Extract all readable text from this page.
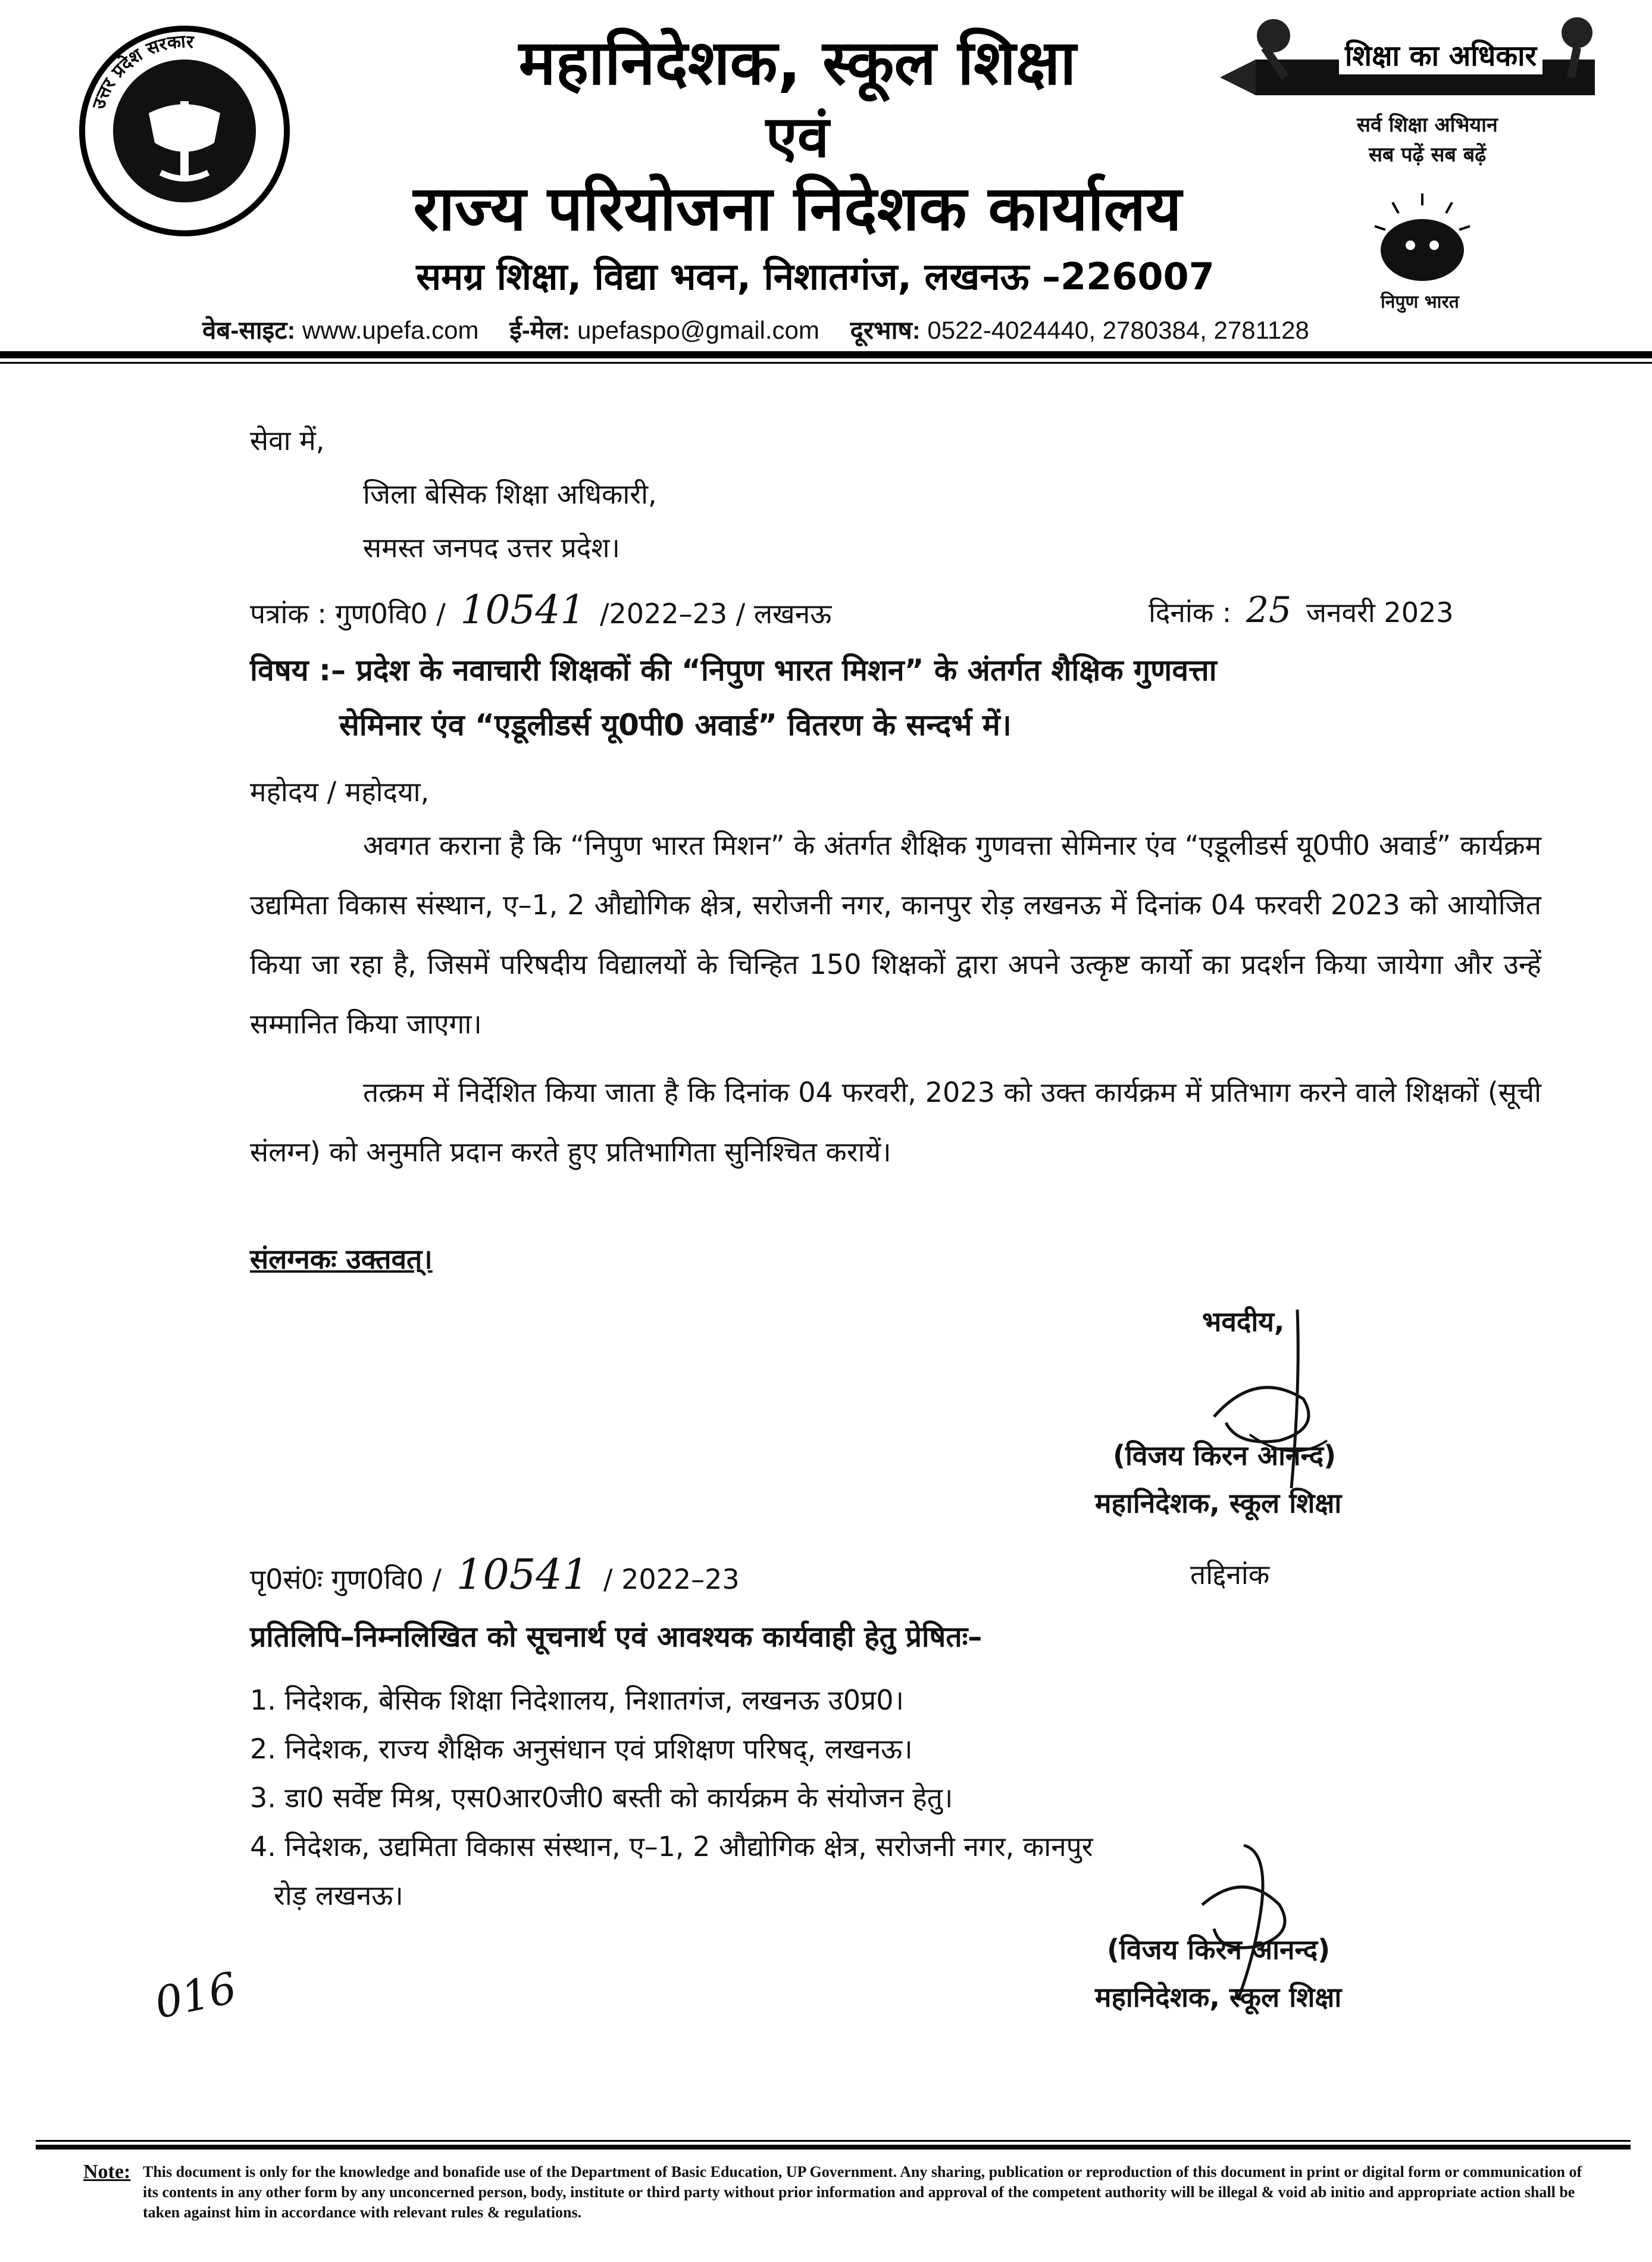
उत्तर प्रदेश सरकार	महानिदेशक, स्कूल शिक्षा
एवं
राज्य परियोजना निदेशक कार्यालय
समग्र शिक्षा, विद्या भवन, निशातगंज, लखनऊ –226007
वेब-साइट: www.upefa.com ई-मेल: upefaspo@gmail.com दूरभाष: 0522-4024440, 2780384, 2781128
शिक्षा का अधिकार
सर्व शिक्षा अभियान
सब पढ़ें सब बढ़ें
निपुण भारत
सेवा में,
जिला बेसिक शिक्षा अधिकारी,
समस्त जनपद उत्तर प्रदेश।
पत्रांक : गुण0वि0 / 10541 /2022–23 / लखनऊ	दिनांक : 25 जनवरी 2023
विषय :– प्रदेश के नवाचारी शिक्षकों की “निपुण भारत मिशन” के अंतर्गत शैक्षिक गुणवत्ता
सेमिनार एंव “एडूलीडर्स यू0पी0 अवार्ड” वितरण के सन्दर्भ में।
महोदय / महोदया,
अवगत कराना है कि “निपुण भारत मिशन” के अंतर्गत शैक्षिक गुणवत्ता सेमिनार एंव “एडूलीडर्स यू0पी0 अवार्ड” कार्यक्रम उद्यमिता विकास संस्थान, ए–1, 2 औद्योगिक क्षेत्र, सरोजनी नगर, कानपुर रोड़ लखनऊ में दिनांक 04 फरवरी 2023 को आयोजित किया जा रहा है, जिसमें परिषदीय विद्यालयों के चिन्हित 150 शिक्षकों द्वारा अपने उत्कृष्ट कार्यो का प्रदर्शन किया जायेगा और उन्हें सम्मानित किया जाएगा।
तत्क्रम में निर्देशित किया जाता है कि दिनांक 04 फरवरी, 2023 को उक्त कार्यक्रम में प्रतिभाग करने वाले शिक्षकों (सूची संलग्न) को अनुमति प्रदान करते हुए प्रतिभागिता सुनिश्चित करायें।
संलग्नकः उक्तवत्।
भवदीय,
(विजय किरन आनन्द)
महानिदेशक, स्कूल शिक्षा
पृ0सं0ः गुण0वि0 / 10541 / 2022–23	तद्दिनांक
प्रतिलिपि–निम्नलिखित को सूचनार्थ एवं आवश्यक कार्यवाही हेतु प्रेषितः–
1. निदेशक, बेसिक शिक्षा निदेशालय, निशातगंज, लखनऊ उ0प्र0।
2. निदेशक, राज्य शैक्षिक अनुसंधान एवं प्रशिक्षण परिषद्, लखनऊ।
3. डा0 सर्वेष्ट मिश्र, एस0आर0जी0 बस्ती को कार्यक्रम के संयोजन हेतु।
4. निदेशक, उद्यमिता विकास संस्थान, ए–1, 2 औद्योगिक क्षेत्र, सरोजनी नगर, कानपुर
रोड़ लखनऊ।
016
(विजय किरन आनन्द)
महानिदेशक, स्कूल शिक्षा
Note: This document is only for the knowledge and bonafide use of the Department of Basic Education, UP Government. Any sharing, publication or reproduction of this document in print or digital form or communication of its contents in any other form by any unconcerned person, body, institute or third party without prior information and approval of the competent authority will be illegal & void ab initio and appropriate action shall be taken against him in accordance with relevant rules & regulations.
